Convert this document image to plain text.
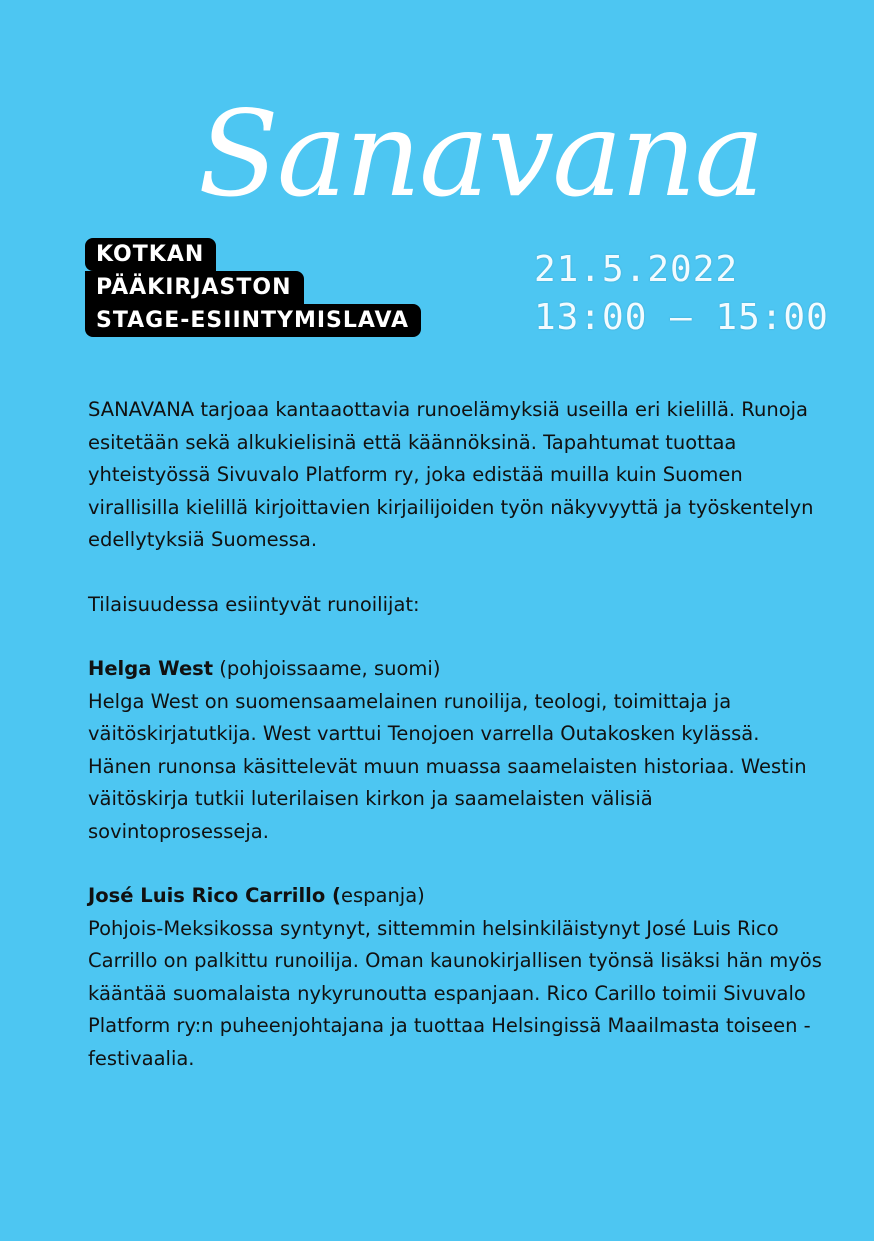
Sanavana
KOTKAN
PÄÄKIRJASTON
STAGE-ESIINTYMISLAVA
21.5.2022
13:00 – 15:00

SANAVANA tarjoaa kantaaottavia runoelämyksiä useilla eri kielillä. Runoja esitetään sekä alkukielisinä että käännöksinä. Tapahtumat tuottaa yhteistyössä Sivuvalo Platform ry, joka edistää muilla kuin Suomen virallisilla kielillä kirjoittavien kirjailijoiden työn näkyvyyttä ja työskentelyn edellytyksiä Suomessa.

Tilaisuudessa esiintyvät runoilijat:

Helga West (pohjoissaame, suomi)

Helga West on suomensaamelainen runoilija, teologi, toimittaja ja väitöskirjatutkija. West varttui Tenojoen varrella Outakosken kylässä. Hänen runonsa käsittelevät muun muassa saamelaisten historiaa. Westin väitöskirja tutkii luterilaisen kirkon ja saamelaisten välisiä sovintoprosesseja.

José Luis Rico Carrillo (espanja)

Pohjois-Meksikossa syntynyt, sittemmin helsinkiläistynyt José Luis Rico Carrillo on palkittu runoilija. Oman kaunokirjallisen työnsä lisäksi hän myös kääntää suomalaista nykyrunoutta espanjaan. Rico Carillo toimii Sivuvalo Platform ry:n puheenjohtajana ja tuottaa Helsingissä Maailmasta toiseen -festivaalia.
